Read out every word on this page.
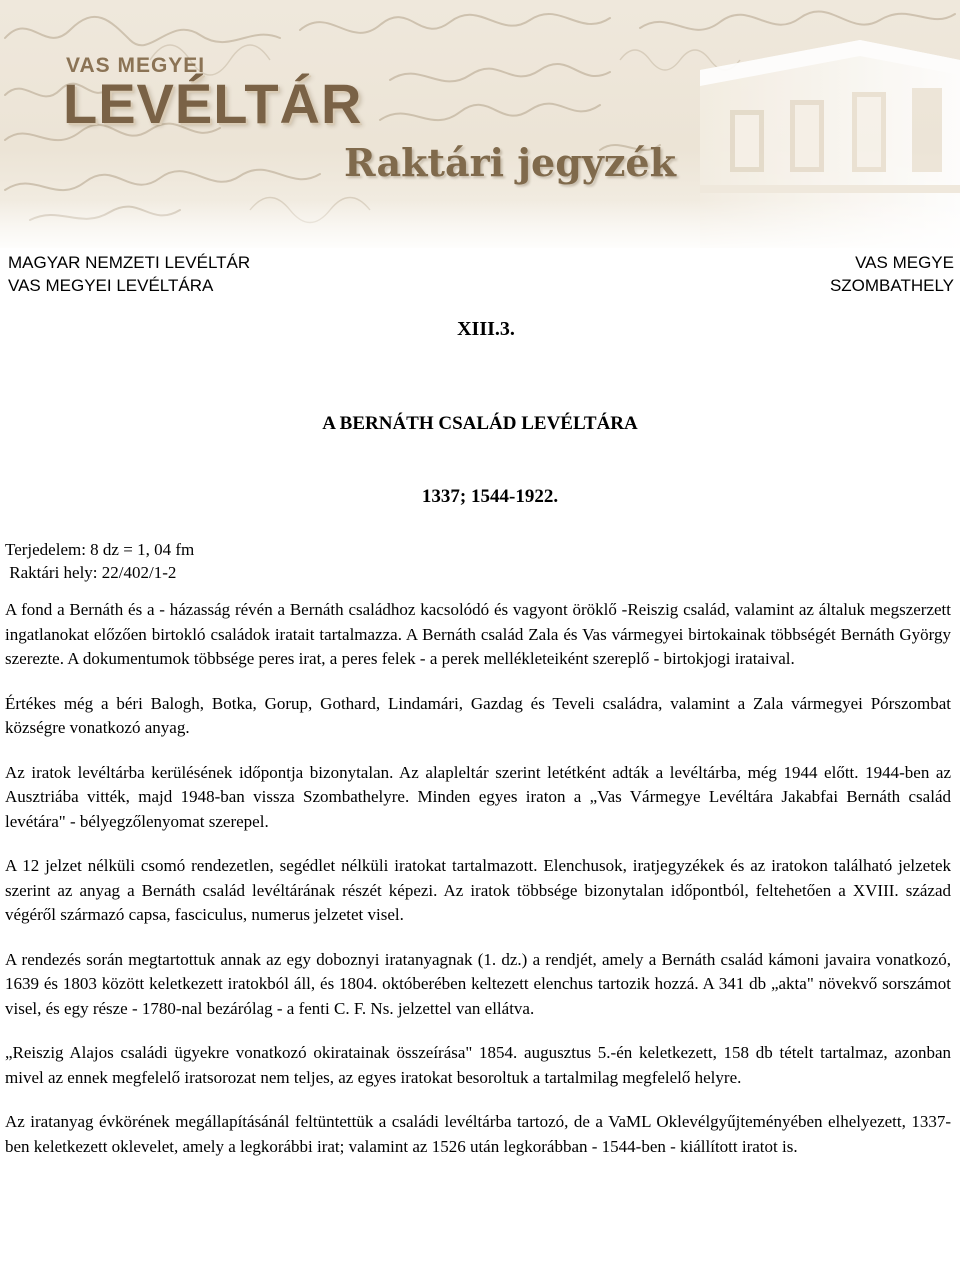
VAS MEGYEI

LEVÉLTÁR

Raktári jegyzék

MAGYAR NEMZETI LEVÉLTÁR
VAS MEGYEI LEVÉLTÁRA
VAS MEGYE
SZOMBATHELY

XIII.3.

A BERNÁTH CSALÁD LEVÉLTÁRA

1337; 1544-1922.

Terjedelem: 8 dz = 1, 04 fm
Raktári hely: 22/402/1-2

A fond a Bernáth és a - házasság révén a Bernáth családhoz kacsolódó és vagyont öröklő -Reiszig család, valamint az általuk megszerzett ingatlanokat előzően birtokló családok iratait tartalmazza. A Bernáth család Zala és Vas vármegyei birtokainak többségét Bernáth György szerezte. A dokumentumok többsége peres irat, a peres felek - a perek mellékleteiként szereplő - birtokjogi irataival.

Értékes még a béri Balogh, Botka, Gorup, Gothard, Lindamári, Gazdag és Teveli családra, valamint a Zala vármegyei Pórszombat községre vonatkozó anyag.

Az iratok levéltárba kerülésének időpontja bizonytalan. Az alapleltár szerint letétként adták a levéltárba, még 1944 előtt. 1944-ben az Ausztriába vitték, majd 1948-ban vissza Szombathelyre. Minden egyes iraton a „Vas Vármegye Levéltára Jakabfai Bernáth család levétára" - bélyegzőlenyomat szerepel.

A 12 jelzet nélküli csomó rendezetlen, segédlet nélküli iratokat tartalmazott. Elenchusok, iratjegyzékek és az iratokon található jelzetek szerint az anyag a Bernáth család levéltárának részét képezi. Az iratok többsége bizonytalan időpontból, feltehetően a XVIII. század végéről származó capsa, fasciculus, numerus jelzetet visel.

A rendezés során megtartottuk annak az egy doboznyi iratanyagnak (1. dz.) a rendjét, amely a Bernáth család kámoni javaira vonatkozó, 1639 és 1803 között keletkezett iratokból áll, és 1804. októberében keltezett elenchus tartozik hozzá. A 341 db „akta" növekvő sorszámot visel, és egy része - 1780-nal bezárólag - a fenti C. F. Ns. jelzettel van ellátva.

„Reiszig Alajos családi ügyekre vonatkozó okiratainak összeírása" 1854. augusztus 5.-én keletkezett, 158 db tételt tartalmaz, azonban mivel az ennek megfelelő iratsorozat nem teljes, az egyes iratokat besoroltuk a tartalmilag megfelelő helyre.

Az iratanyag évkörének megállapításánál feltüntettük a családi levéltárba tartozó, de a VaML Oklevélgyűjteményében elhelyezett, 1337-ben keletkezett oklevelet, amely a legkorábbi irat; valamint az 1526 után legkorábban - 1544-ben - kiállított iratot is.
